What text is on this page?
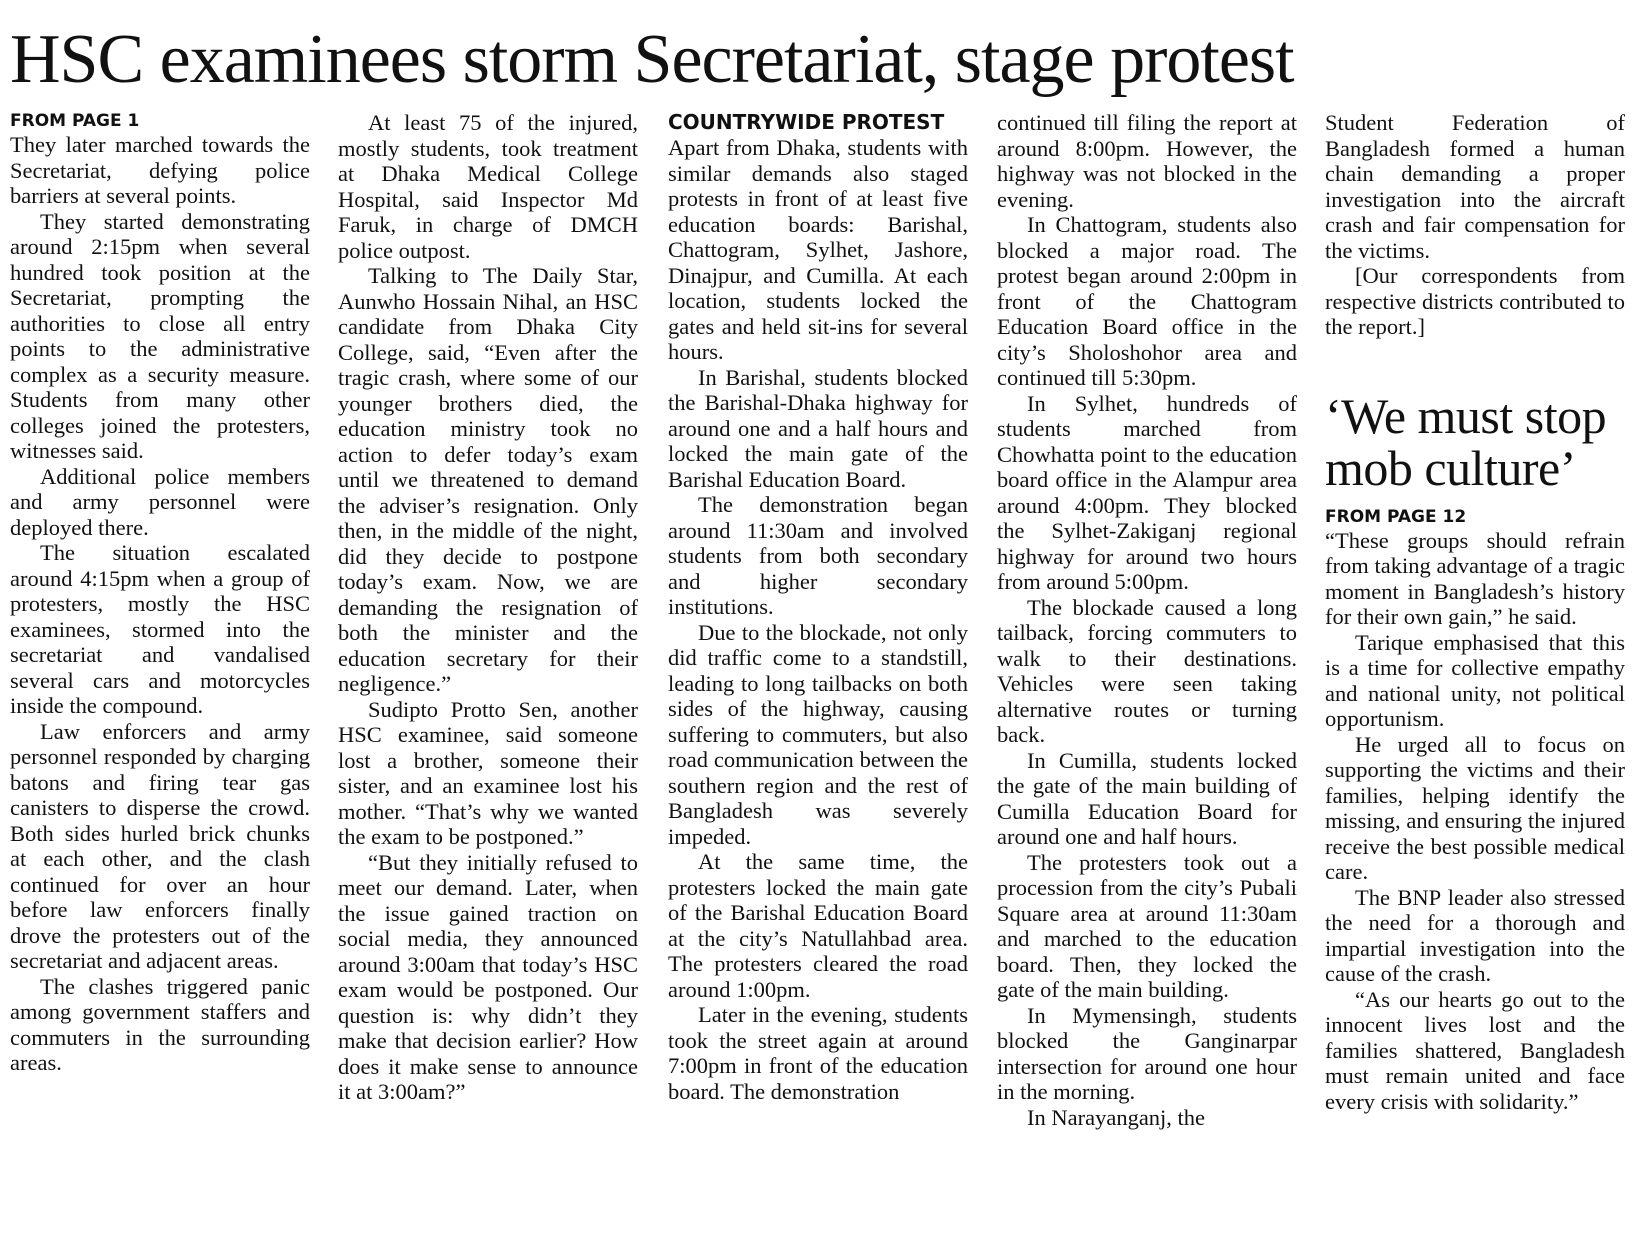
HSC examinees storm Secretariat, stage protest
FROM PAGE 1

They later marched towards the Secretariat, defying police barriers at several points.

They started demonstrating around 2:15pm when several hundred took position at the Secretariat, prompting the authorities to close all entry points to the administrative complex as a security measure. Students from many other colleges joined the protesters, witnesses said.

Additional police members and army personnel were deployed there.

The situation escalated around 4:15pm when a group of protesters, mostly the HSC examinees, stormed into the secretariat and vandalised several cars and motorcycles inside the compound.

Law enforcers and army personnel responded by charging batons and firing tear gas canisters to disperse the crowd. Both sides hurled brick chunks at each other, and the clash continued for over an hour before law enforcers finally drove the protesters out of the secretariat and adjacent areas.

The clashes triggered panic among government staffers and commuters in the surrounding areas.

At least 75 of the injured, mostly students, took treatment at Dhaka Medical College Hospital, said Inspector Md Faruk, in charge of DMCH police outpost.

Talking to The Daily Star, Aunwho Hossain Nihal, an HSC candidate from Dhaka City College, said, “Even after the tragic crash, where some of our younger brothers died, the education ministry took no action to defer today’s exam until we threatened to demand the adviser’s resignation. Only then, in the middle of the night, did they decide to postpone today’s exam. Now, we are demanding the resignation of both the minister and the education secretary for their negligence.”

Sudipto Protto Sen, another HSC examinee, said someone lost a brother, someone their sister, and an examinee lost his mother. “That’s why we wanted the exam to be postponed.”

“But they initially refused to meet our demand. Later, when the issue gained traction on social media, they announced around 3:00am that today’s HSC exam would be postponed. Our question is: why didn’t they make that decision earlier? How does it make sense to announce it at 3:00am?”

COUNTRYWIDE PROTEST

Apart from Dhaka, students with similar demands also staged protests in front of at least five education boards: Barishal, Chattogram, Sylhet, Jashore, Dinajpur, and Cumilla. At each location, students locked the gates and held sit-ins for several hours.

In Barishal, students blocked the Barishal-Dhaka highway for around one and a half hours and locked the main gate of the Barishal Education Board.

The demonstration began around 11:30am and involved students from both secondary and higher secondary institutions.

Due to the blockade, not only did traffic come to a standstill, leading to long tailbacks on both sides of the highway, causing suffering to commuters, but also road communication between the southern region and the rest of Bangladesh was severely impeded.

At the same time, the protesters locked the main gate of the Barishal Education Board at the city’s Natullahbad area. The protesters cleared the road around 1:00pm.

Later in the evening, students took the street again at around 7:00pm in front of the education board. The demonstration

continued till filing the report at around 8:00pm. However, the highway was not blocked in the evening.

In Chattogram, students also blocked a major road. The protest began around 2:00pm in front of the Chattogram Education Board office in the city’s Sholoshohor area and continued till 5:30pm.

In Sylhet, hundreds of students marched from Chowhatta point to the education board office in the Alampur area around 4:00pm. They blocked the Sylhet-Zakiganj regional highway for around two hours from around 5:00pm.

The blockade caused a long tailback, forcing commuters to walk to their destinations. Vehicles were seen taking alternative routes or turning back.

In Cumilla, students locked the gate of the main building of Cumilla Education Board for around one and half hours.

The protesters took out a procession from the city’s Pubali Square area at around 11:30am and marched to the education board. Then, they locked the gate of the main building.

In Mymensingh, students blocked the Ganginarpar intersection for around one hour in the morning.

In Narayanganj, the

Student Federation of Bangladesh formed a human chain demanding a proper investigation into the aircraft crash and fair compensation for the victims.

[Our correspondents from respective districts contributed to the report.]

‘We must stop mob culture’
FROM PAGE 12

“These groups should refrain from taking advantage of a tragic moment in Bangladesh’s history for their own gain,” he said.

Tarique emphasised that this is a time for collective empathy and national unity, not political opportunism.

He urged all to focus on supporting the victims and their families, helping identify the missing, and ensuring the injured receive the best possible medical care.

The BNP leader also stressed the need for a thorough and impartial investigation into the cause of the crash.

“As our hearts go out to the innocent lives lost and the families shattered, Bangladesh must remain united and face every crisis with solidarity.”
